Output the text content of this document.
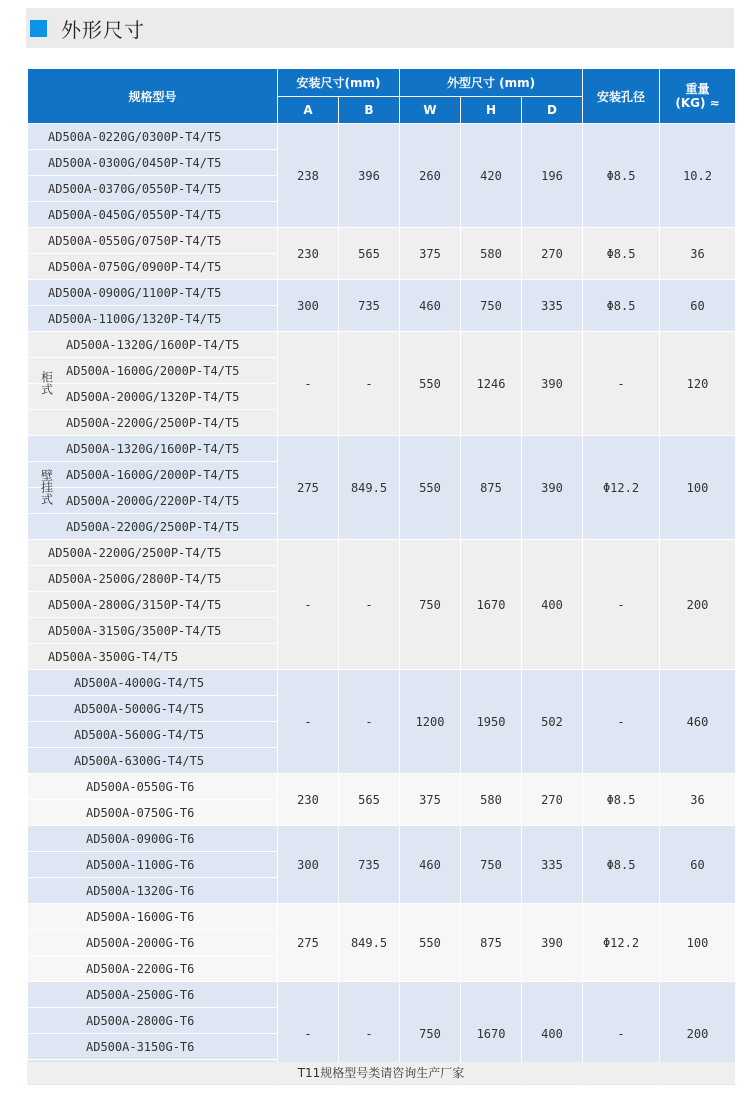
外形尺寸
规格型号	安装尺寸(mm)		外型尺寸 (mm)			安装孔径	重量
(KG) ≈
	A	B	W	H	D		
AD500A-0220G/0300P-T4/T5	238	396	260	420	196	Φ8.5	10.2
AD500A-0300G/0450P-T4/T5							
AD500A-0370G/0550P-T4/T5							
AD500A-0450G/0550P-T4/T5							
AD500A-0550G/0750P-T4/T5	230	565	375	580	270	Φ8.5	36
AD500A-0750G/0900P-T4/T5							
AD500A-0900G/1100P-T4/T5	300	735	460	750	335	Φ8.5	60
AD500A-1100G/1320P-T4/T5							

柜式
AD500A-1320G/1600P-T4/T5	-	-	550	1246	390	-	120
AD500A-1600G/2000P-T4/T5							
AD500A-2000G/1320P-T4/T5							
AD500A-2200G/2500P-T4/T5							

壁挂式
AD500A-1320G/1600P-T4/T5	275	849.5	550	875	390	Φ12.2	100
AD500A-1600G/2000P-T4/T5							
AD500A-2000G/2200P-T4/T5							
AD500A-2200G/2500P-T4/T5							
AD500A-2200G/2500P-T4/T5	-	-	750	1670	400	-	200
AD500A-2500G/2800P-T4/T5							
AD500A-2800G/3150P-T4/T5							
AD500A-3150G/3500P-T4/T5							
AD500A-3500G-T4/T5							
AD500A-4000G-T4/T5	-	-	1200	1950	502	-	460
AD500A-5000G-T4/T5							
AD500A-5600G-T4/T5							
AD500A-6300G-T4/T5							
AD500A-0550G-T6	230	565	375	580	270	Φ8.5	36
AD500A-0750G-T6							
AD500A-0900G-T6	300	735	460	750	335	Φ8.5	60
AD500A-1100G-T6							
AD500A-1320G-T6							
AD500A-1600G-T6	275	849.5	550	875	390	Φ12.2	100
AD500A-2000G-T6							
AD500A-2200G-T6							
AD500A-2500G-T6	-	-	750	1670	400	-	200
AD500A-2800G-T6							
AD500A-3150G-T6							

T11规格型号类请咨询生产厂家
